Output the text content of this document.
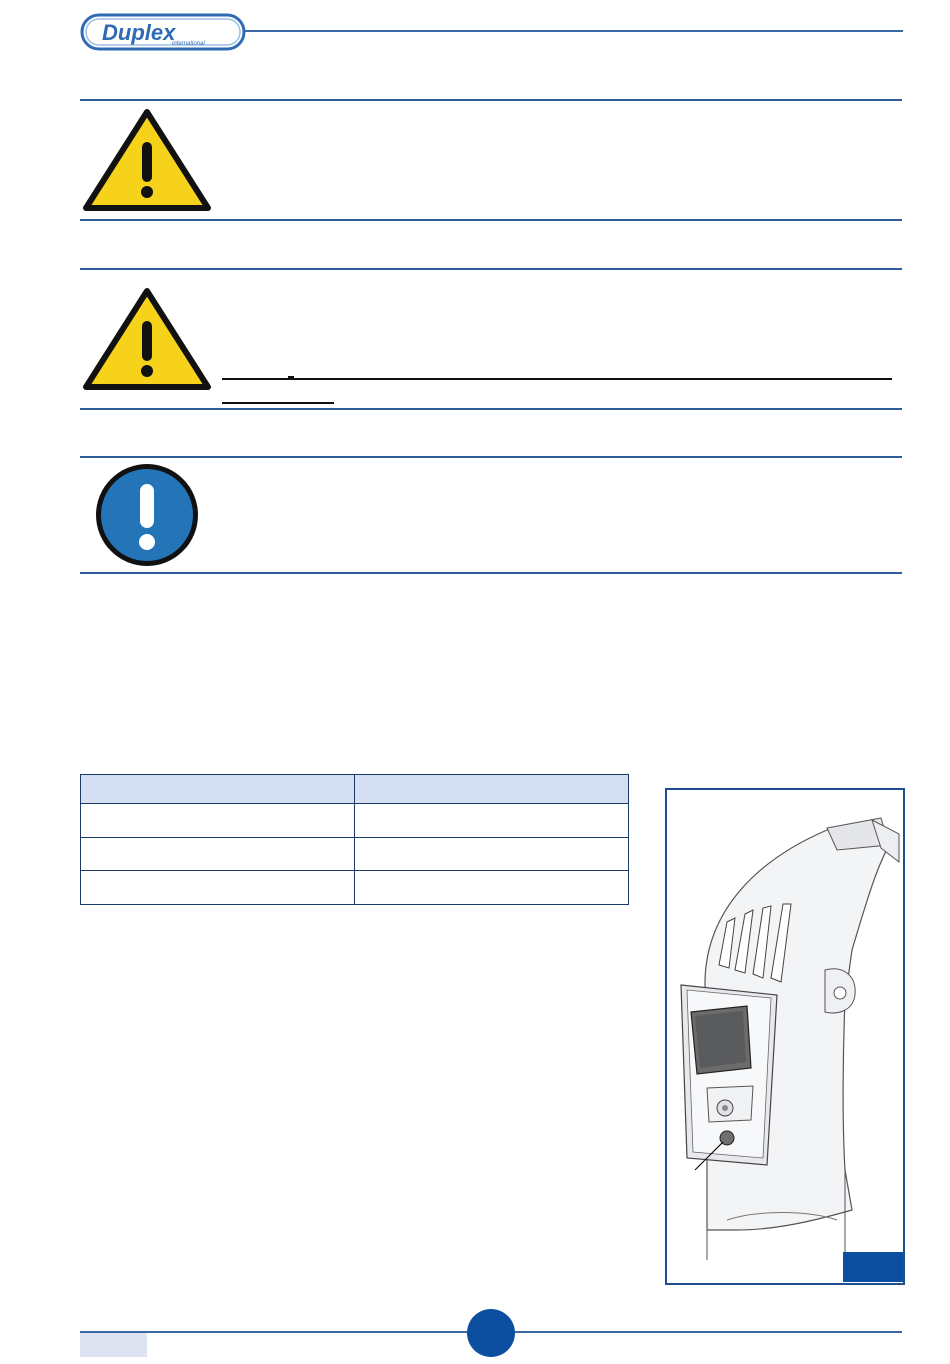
Duplex
international
